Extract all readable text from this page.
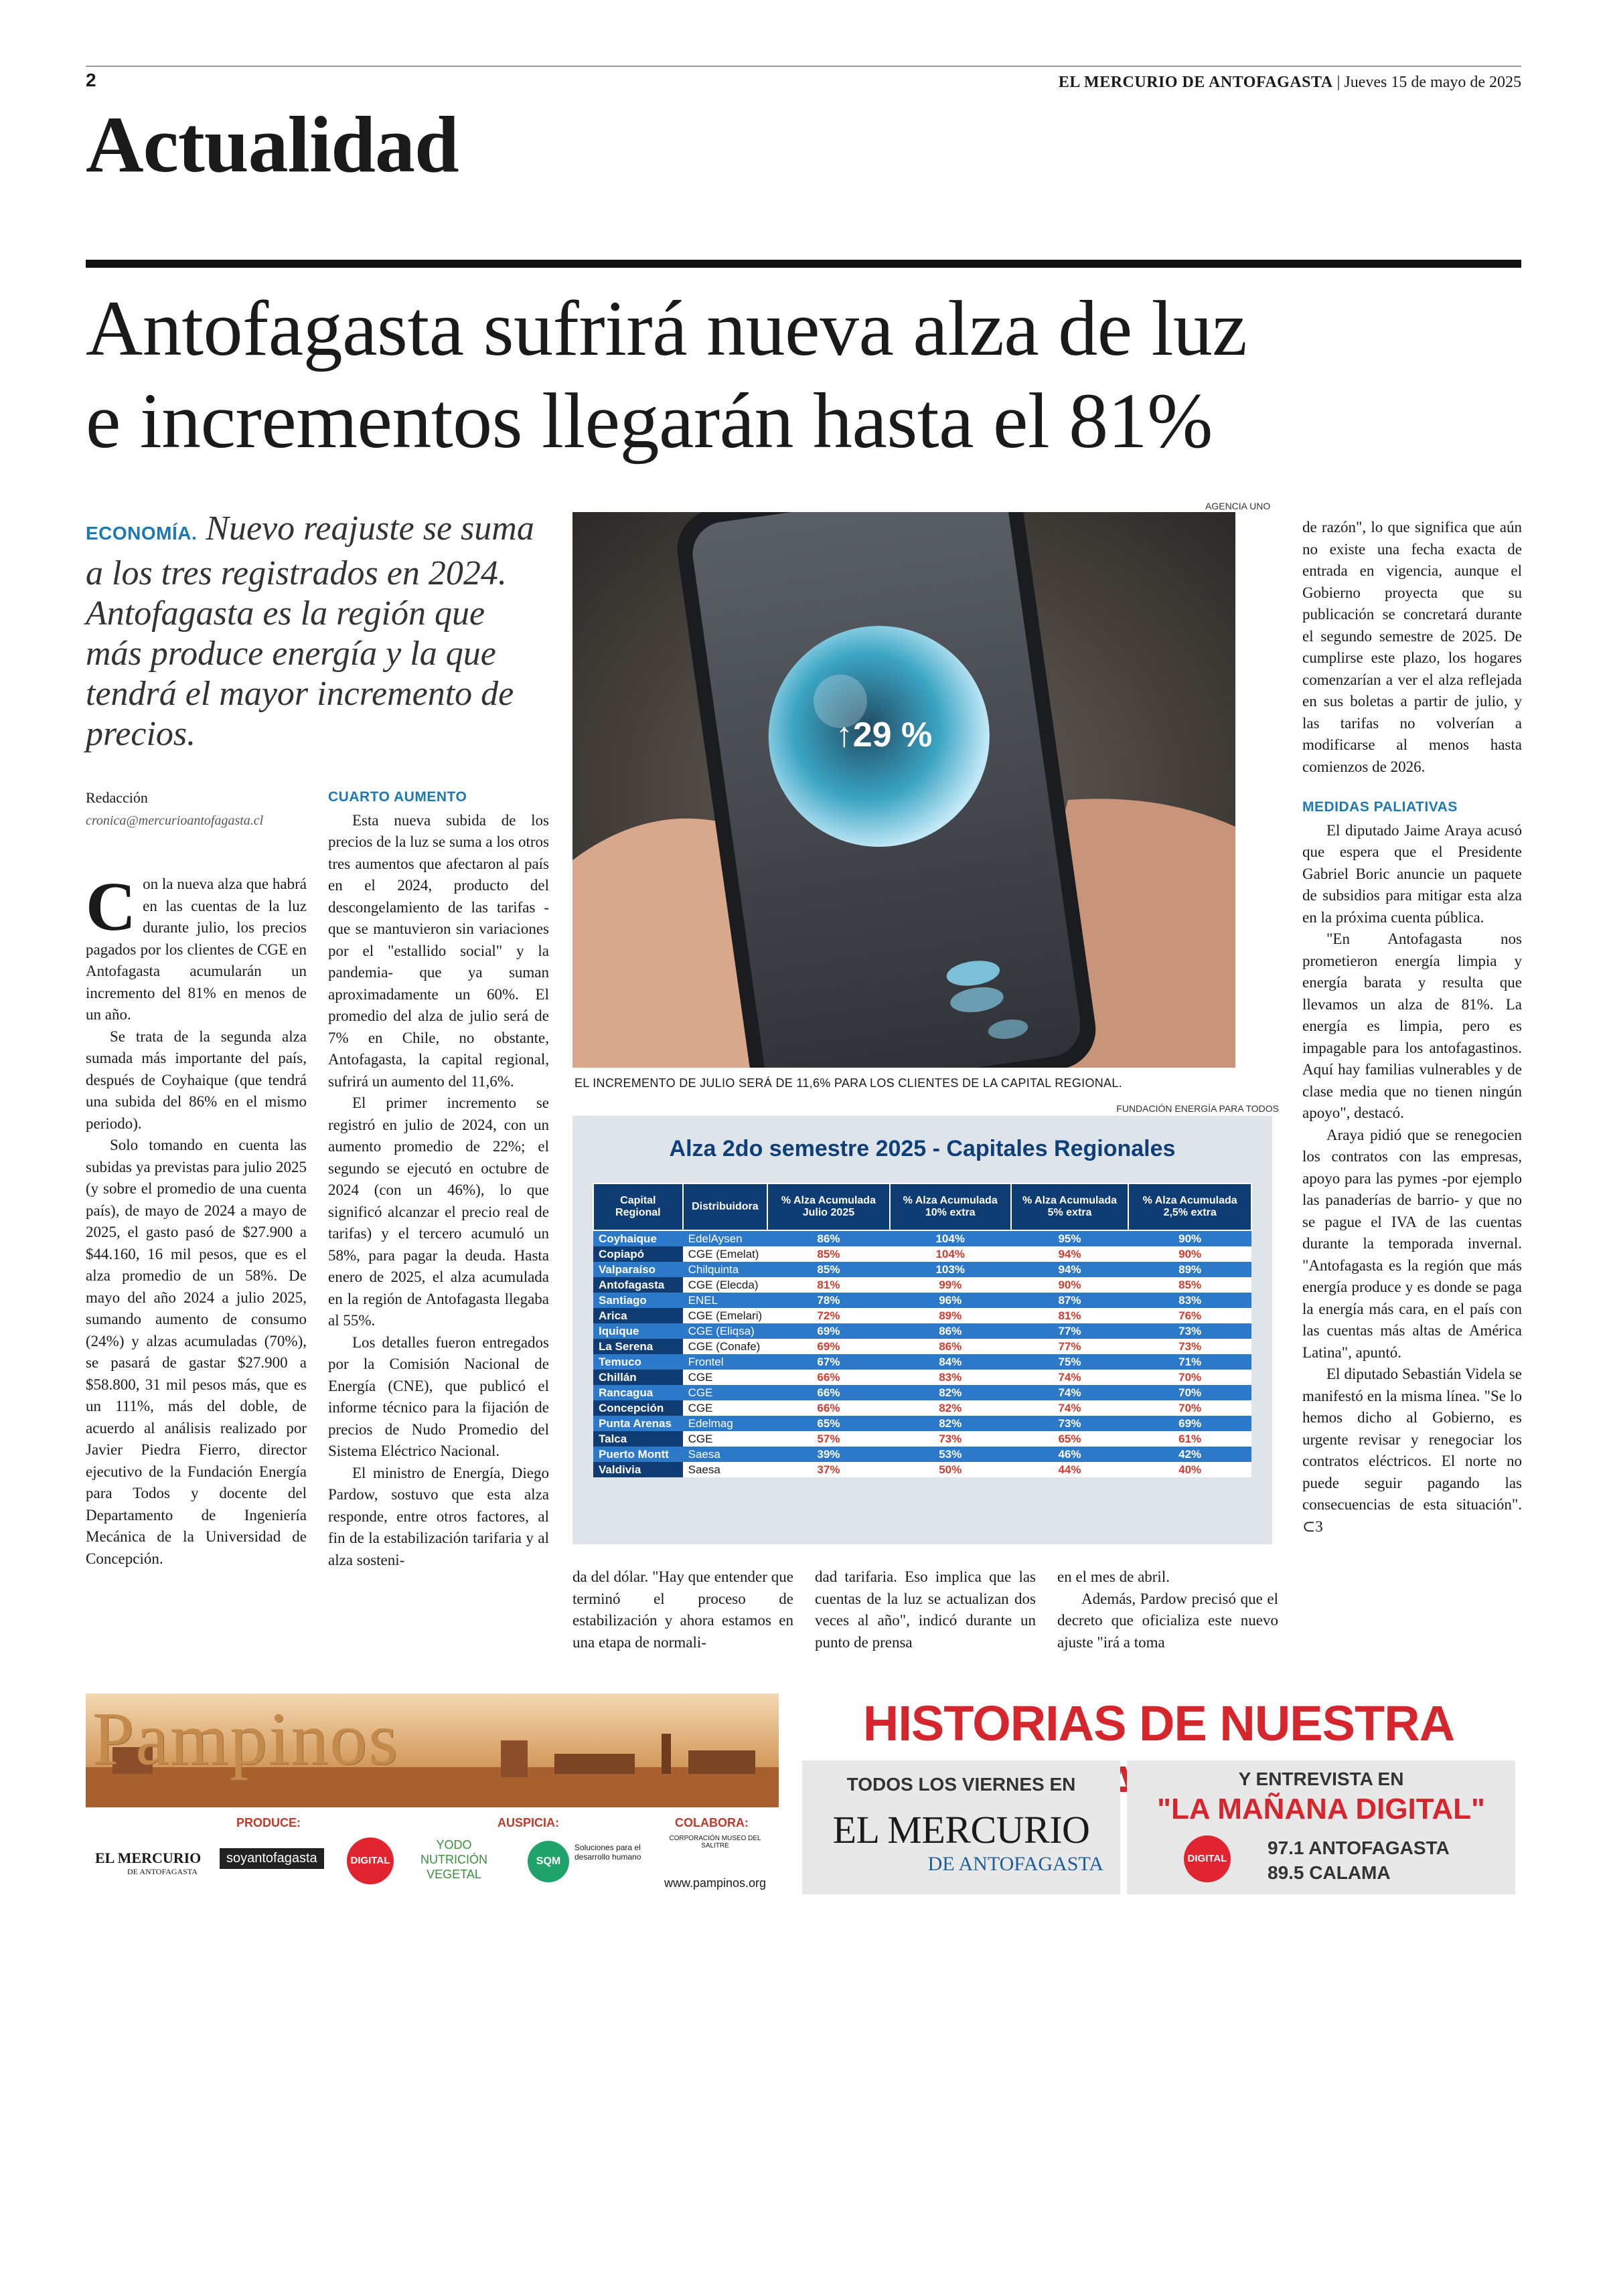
2	EL MERCURIO DE ANTOFAGASTA | Jueves 15 de mayo de 2025
Actualidad
Antofagasta sufrirá nueva alza de luz
e incrementos llegarán hasta el 81%
ECONOMÍA. Nuevo reajuste se suma a los tres registrados en 2024. Antofagasta es la región que más produce energía y la que tendrá el mayor incremento de precios.
Redacción
cronica@mercurioantofagasta.cl

Con la nueva alza que habrá en las cuentas de la luz durante julio, los precios pagados por los clientes de CGE en Antofagasta acumularán un incremento del 81% en menos de un año.

Se trata de la segunda alza sumada más importante del país, después de Coyhaique (que tendrá una subida del 86% en el mismo periodo).

Solo tomando en cuenta las subidas ya previstas para julio 2025 (y sobre el promedio de una cuenta país), de mayo de 2024 a mayo de 2025, el gasto pasó de $27.900 a $44.160, 16 mil pesos, que es el alza promedio de un 58%. De mayo del año 2024 a julio 2025, sumando aumento de consumo (24%) y alzas acumuladas (70%), se pasará de gastar $27.900 a $58.800, 31 mil pesos más, que es un 111%, más del doble, de acuerdo al análisis realizado por Javier Piedra Fierro, director ejecutivo de la Fundación Energía para Todos y docente del Departamento de Ingeniería Mecánica de la Universidad de Concepción.

CUARTO AUMENTO

Esta nueva subida de los precios de la luz se suma a los otros tres aumentos que afectaron al país en el 2024, producto del descongelamiento de las tarifas -que se mantuvieron sin variaciones por el "estallido social" y la pandemia- que ya suman aproximadamente un 60%. El promedio del alza de julio será de 7% en Chile, no obstante, Antofagasta, la capital regional, sufrirá un aumento del 11,6%.

El primer incremento se registró en julio de 2024, con un aumento promedio de 22%; el segundo se ejecutó en octubre de 2024 (con un 46%), lo que significó alcanzar el precio real de tarifas) y el tercero acumuló un 58%, para pagar la deuda. Hasta enero de 2025, el alza acumulada en la región de Antofagasta llegaba al 55%.

Los detalles fueron entregados por la Comisión Nacional de Energía (CNE), que publicó el informe técnico para la fijación de precios de Nudo Promedio del Sistema Eléctrico Nacional.

El ministro de Energía, Diego Pardow, sostuvo que esta alza responde, entre otros factores, al fin de la estabilización tarifaria y al alza sosteni-

AGENCIA UNO
↑29 %
EL INCREMENTO DE JULIO SERÁ DE 11,6% PARA LOS CLIENTES DE LA CAPITAL REGIONAL.
FUNDACIÓN ENERGÍA PARA TODOS
Alza 2do semestre 2025 - Capitales Regionales
Capital Regional	Distribuidora	% Alza Acumulada Julio 2025	% Alza Acumulada 10% extra	% Alza Acumulada 5% extra	% Alza Acumulada 2,5% extra
Coyhaique	EdelAysen	86%	104%	95%	90%
Copiapó	CGE (Emelat)	85%	104%	94%	90%
Valparaíso	Chilquinta	85%	103%	94%	89%
Antofagasta	CGE (Elecda)	81%	99%	90%	85%
Santiago	ENEL	78%	96%	87%	83%
Arica	CGE (Emelari)	72%	89%	81%	76%
Iquique	CGE (Eliqsa)	69%	86%	77%	73%
La Serena	CGE (Conafe)	69%	86%	77%	73%
Temuco	Frontel	67%	84%	75%	71%
Chillán	CGE	66%	83%	74%	70%
Rancagua	CGE	66%	82%	74%	70%
Concepción	CGE	66%	82%	74%	70%
Punta Arenas	Edelmag	65%	82%	73%	69%
Talca	CGE	57%	73%	65%	61%
Puerto Montt	Saesa	39%	53%	46%	42%
Valdivia	Saesa	37%	50%	44%	40%

da del dólar. "Hay que entender que terminó el proceso de estabilización y ahora estamos en una etapa de normali-

dad tarifaria. Eso implica que las cuentas de la luz se actualizan dos veces al año", indicó durante un punto de prensa

en el mes de abril.

Además, Pardow precisó que el decreto que oficializa este nuevo ajuste "irá a toma

de razón", lo que significa que aún no existe una fecha exacta de entrada en vigencia, aunque el Gobierno proyecta que su publicación se concretará durante el segundo semestre de 2025. De cumplirse este plazo, los hogares comenzarían a ver el alza reflejada en sus boletas a partir de julio, y las tarifas no volverían a modificarse al menos hasta comienzos de 2026.

MEDIDAS PALIATIVAS

El diputado Jaime Araya acusó que espera que el Presidente Gabriel Boric anuncie un paquete de subsidios para mitigar esta alza en la próxima cuenta pública.

"En Antofagasta nos prometieron energía limpia y energía barata y resulta que llevamos un alza de 81%. La energía es limpia, pero es impagable para los antofagastinos. Aquí hay familias vulnerables y de clase media que no tienen ningún apoyo", destacó.

Araya pidió que se renegocien los contratos con las empresas, apoyo para las pymes -por ejemplo las panaderías de barrio- y que no se pague el IVA de las cuentas durante la temporada invernal. "Antofagasta es la región que más energía produce y es donde se paga la energía más cara, en el país con las cuentas más altas de América Latina", apuntó.

El diputado Sebastián Videla se manifestó en la misma línea. "Se lo hemos dicho al Gobierno, es urgente revisar y renegociar los contratos eléctricos. El norte no puede seguir pagando las consecuencias de esta situación". ⊂3

Pampinos
PRODUCE:	AUSPICIA:	COLABORA:
EL MERCURIO
DE ANTOFAGASTA
soyantofagasta	DIGITAL FM
YODO
NUTRICIÓN
VEGETAL
SQM
Soluciones para el desarrollo humano
CORPORACIÓN MUSEO DEL SALITRE
www.pampinos.org
HISTORIAS DE NUESTRA
TODOS LOS VIERNES EN
EL MERCURIO
DE ANTOFAGASTA
Y ENTREVISTA EN
"LA MAÑANA DIGITAL"
DIGITAL FM
97.1 ANTOFAGASTA
89.5 CALAMA
